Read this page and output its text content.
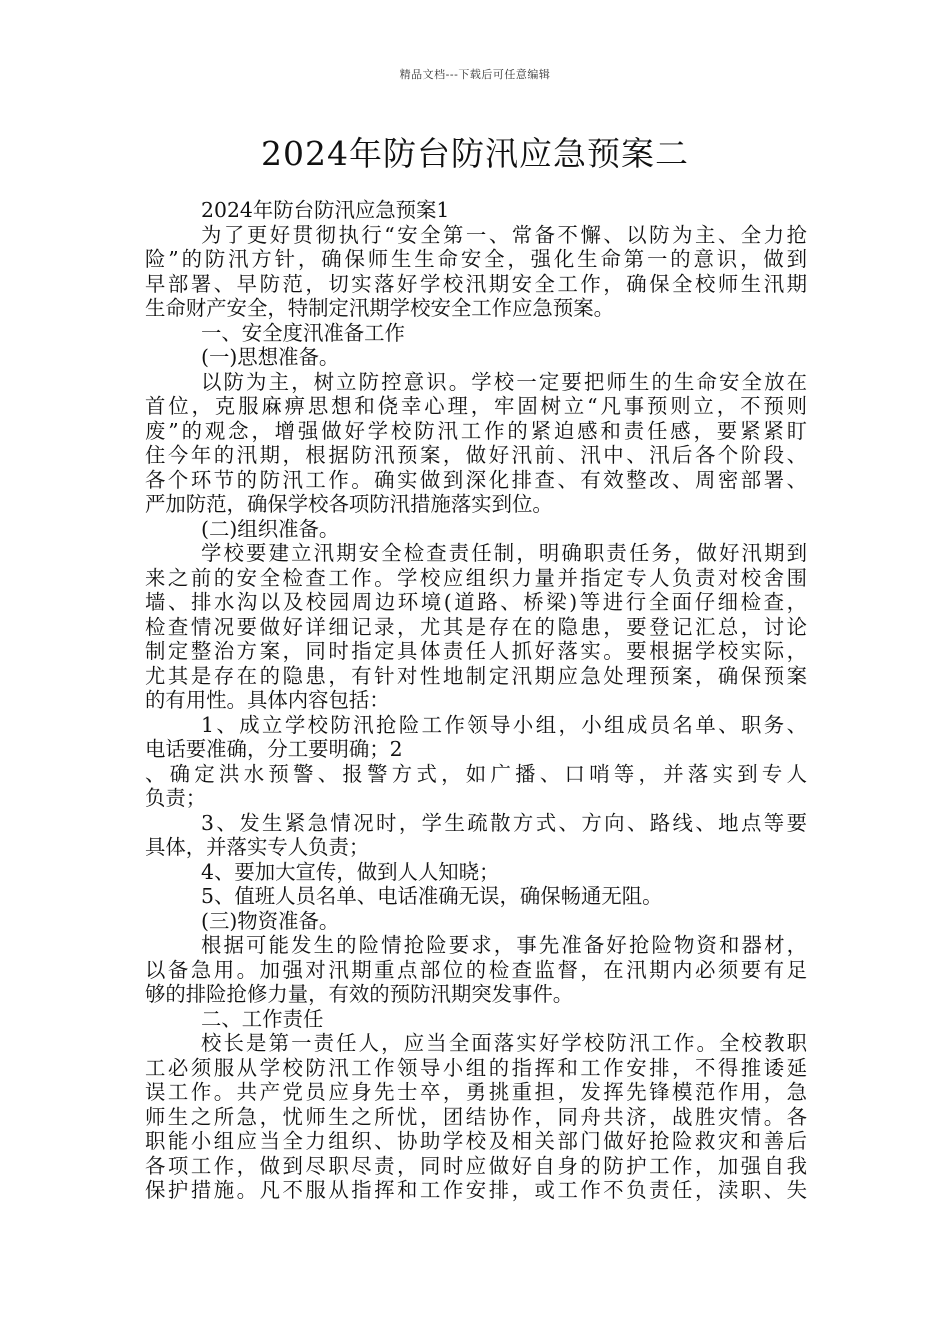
精品文档---下载后可任意编辑
2024年防台防汛应急预案二
2024年防台防汛应急预案1
为了更好贯彻执行“安全第一、常备不懈、以防为主、全力抢
险”的防汛方针，确保师生生命安全，强化生命第一的意识，做到
早部署、早防范，切实落好学校汛期安全工作，确保全校师生汛期
生命财产安全，特制定汛期学校安全工作应急预案。
一、安全度汛准备工作
(一)思想准备。
以防为主，树立防控意识。学校一定要把师生的生命安全放在
首位，克服麻痹思想和侥幸心理，牢固树立“凡事预则立，不预则
废”的观念，增强做好学校防汛工作的紧迫感和责任感，要紧紧盯
住今年的汛期，根据防汛预案，做好汛前、汛中、汛后各个阶段、
各个环节的防汛工作。确实做到深化排查、有效整改、周密部署、
严加防范，确保学校各项防汛措施落实到位。
(二)组织准备。
学校要建立汛期安全检查责任制，明确职责任务，做好汛期到
来之前的安全检查工作。学校应组织力量并指定专人负责对校舍围
墙、排水沟以及校园周边环境(道路、桥梁)等进行全面仔细检查，
检查情况要做好详细记录，尤其是存在的隐患，要登记汇总，讨论
制定整治方案，同时指定具体责任人抓好落实。要根据学校实际，
尤其是存在的隐患，有针对性地制定汛期应急处理预案，确保预案
的有用性。具体内容包括：
1、成立学校防汛抢险工作领导小组，小组成员名单、职务、
电话要准确，分工要明确；2
、确定洪水预警、报警方式，如广播、口哨等，并落实到专人
负责；
3、发生紧急情况时，学生疏散方式、方向、路线、地点等要
具体，并落实专人负责；
4、要加大宣传，做到人人知晓；
5、值班人员名单、电话准确无误，确保畅通无阻。
(三)物资准备。
根据可能发生的险情抢险要求，事先准备好抢险物资和器材，
以备急用。加强对汛期重点部位的检查监督，在汛期内必须要有足
够的排险抢修力量，有效的预防汛期突发事件。
二、工作责任
校长是第一责任人，应当全面落实好学校防汛工作。全校教职
工必须服从学校防汛工作领导小组的指挥和工作安排，不得推诿延
误工作。共产党员应身先士卒，勇挑重担，发挥先锋模范作用，急
师生之所急，忧师生之所忧，团结协作，同舟共济，战胜灾情。各
职能小组应当全力组织、协助学校及相关部门做好抢险救灾和善后
各项工作，做到尽职尽责，同时应做好自身的防护工作，加强自我
保护措施。凡不服从指挥和工作安排，或工作不负责任，渎职、失
